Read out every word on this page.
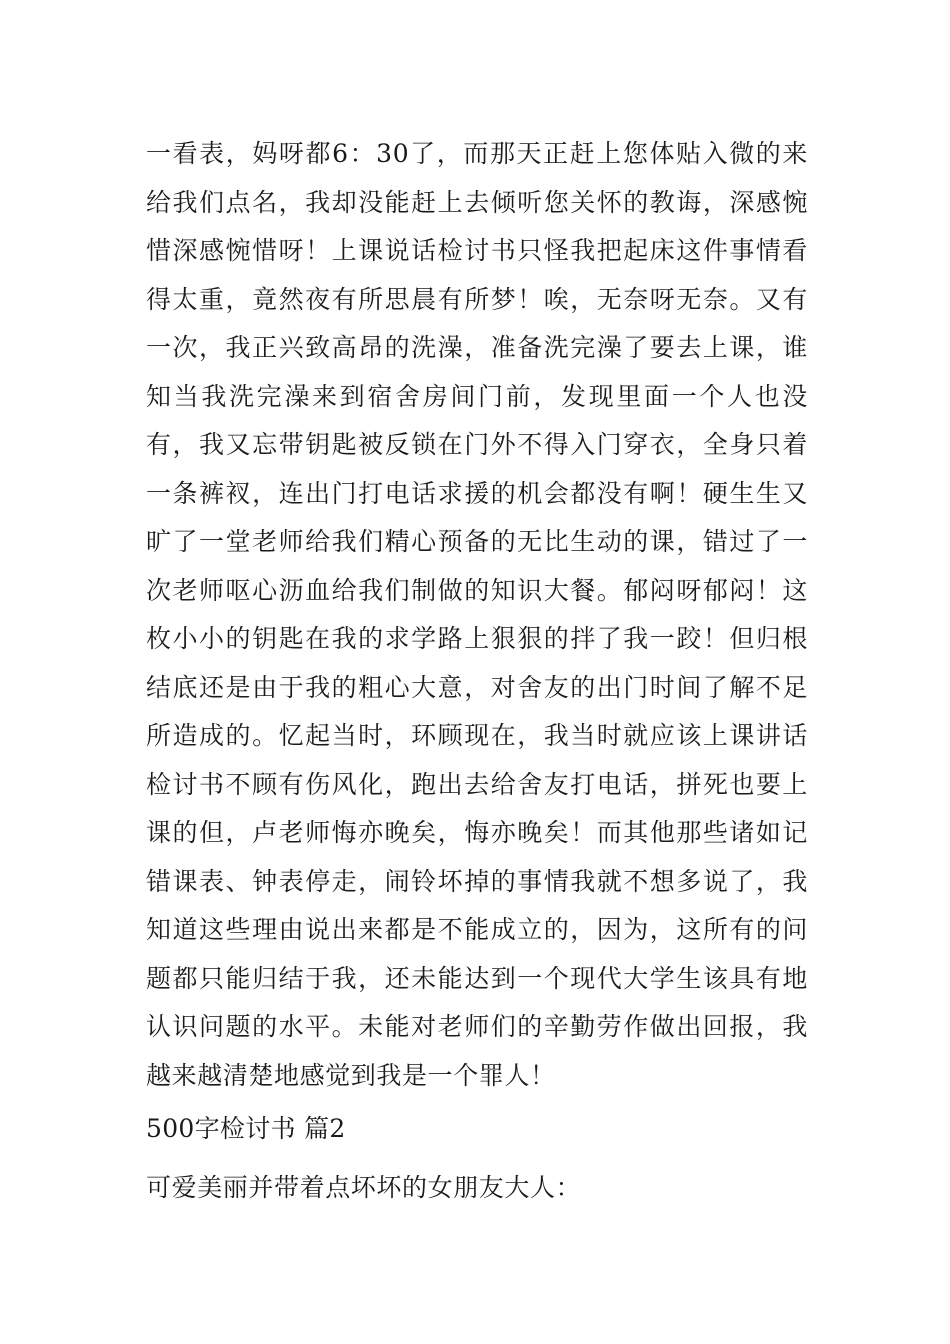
一看表，妈呀都6：30了，而那天正赶上您体贴入微的来给我们点名，我却没能赶上去倾听您关怀的教诲，深感惋惜深感惋惜呀！上课说话检讨书只怪我把起床这件事情看得太重，竟然夜有所思晨有所梦！唉，无奈呀无奈。又有一次，我正兴致高昂的洗澡，准备洗完澡了要去上课，谁知当我洗完澡来到宿舍房间门前，发现里面一个人也没有，我又忘带钥匙被反锁在门外不得入门穿衣，全身只着一条裤衩，连出门打电话求援的机会都没有啊！硬生生又旷了一堂老师给我们精心预备的无比生动的课，错过了一次老师呕心沥血给我们制做的知识大餐。郁闷呀郁闷！这枚小小的钥匙在我的求学路上狠狠的拌了我一跤！但归根结底还是由于我的粗心大意，对舍友的出门时间了解不足所造成的。忆起当时，环顾现在，我当时就应该上课讲话检讨书不顾有伤风化，跑出去给舍友打电话，拼死也要上课的但，卢老师悔亦晚矣，悔亦晚矣！而其他那些诸如记错课表、钟表停走，闹铃坏掉的事情我就不想多说了，我知道这些理由说出来都是不能成立的，因为，这所有的问题都只能归结于我，还未能达到一个现代大学生该具有地认识问题的水平。未能对老师们的辛勤劳作做出回报，我越来越清楚地感觉到我是一个罪人！

500字检讨书 篇2

可爱美丽并带着点坏坏的女朋友大人：
